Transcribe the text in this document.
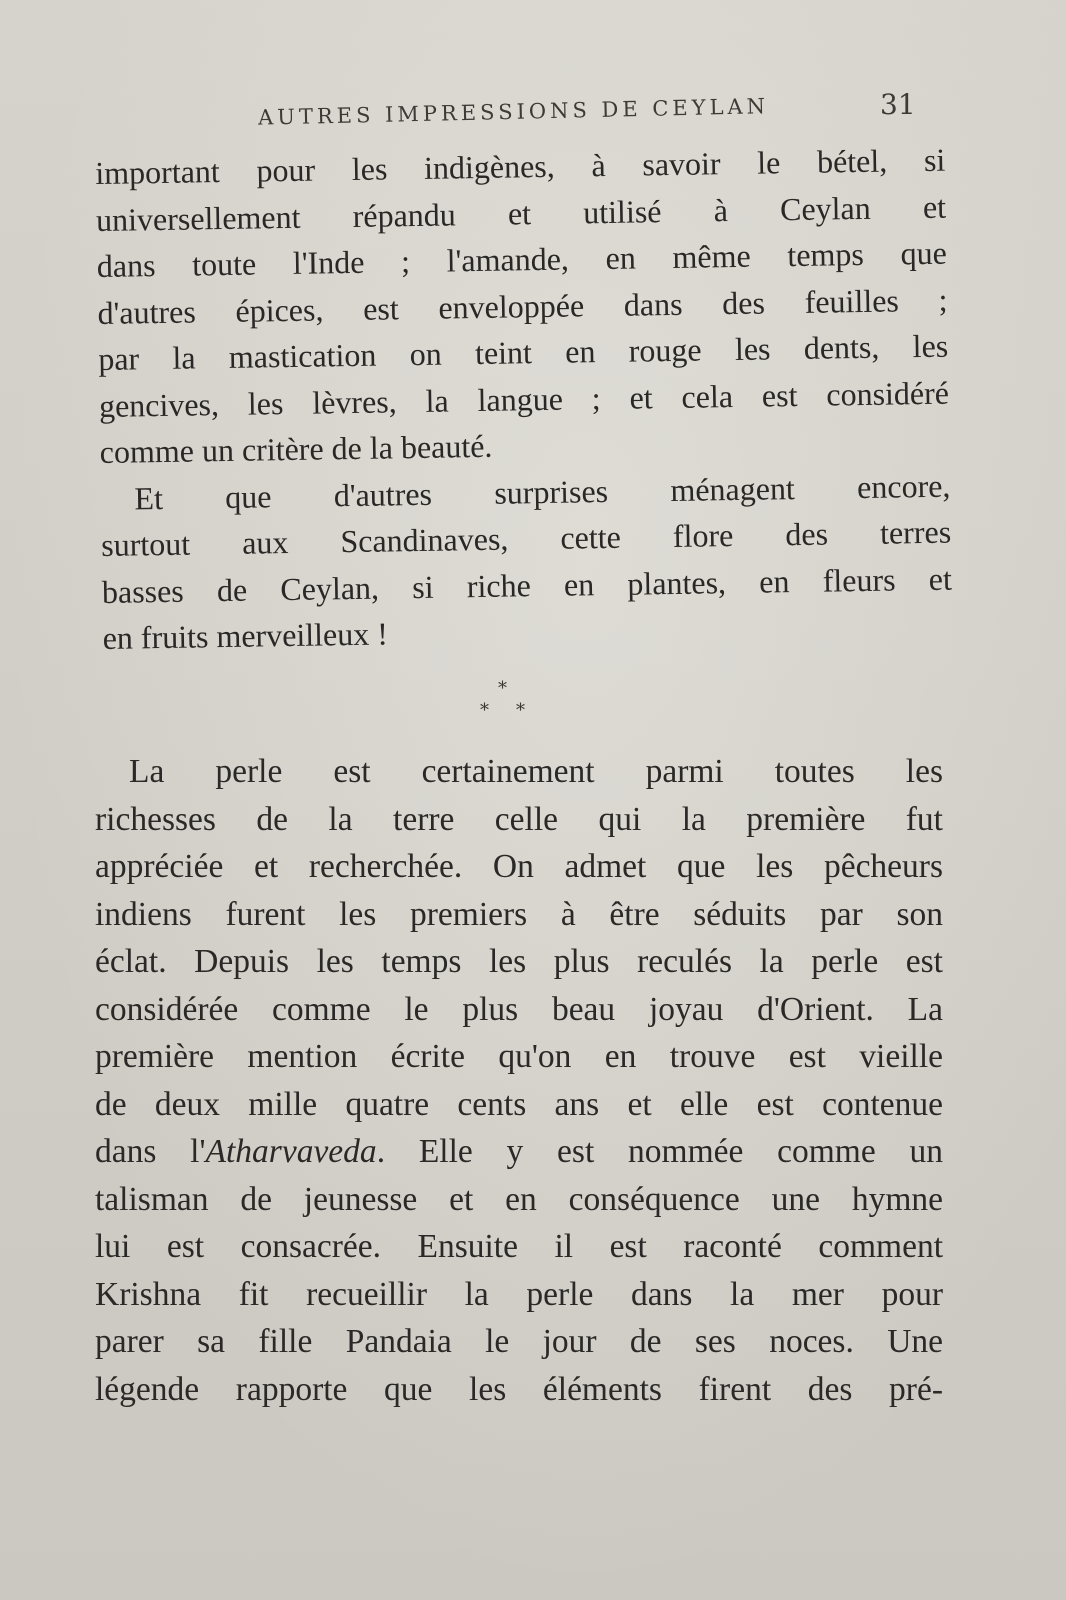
AUTRES IMPRESSIONS DE CEYLAN	31
important pour les indigènes, à savoir le bétel, si
universellement répandu et utilisé à Ceylan et
dans toute l'Inde ; l'amande, en même temps que
d'autres épices, est enveloppée dans des feuilles ;
par la mastication on teint en rouge les dents, les
gencives, les lèvres, la langue ; et cela est considéré
comme un critère de la beauté.
Et que d'autres surprises ménagent encore,
surtout aux Scandinaves, cette flore des terres
basses de Ceylan, si riche en plantes, en fleurs et
en fruits merveilleux !
*
* *
La perle est certainement parmi toutes les
richesses de la terre celle qui la première fut
appréciée et recherchée. On admet que les pêcheurs
indiens furent les premiers à être séduits par son
éclat. Depuis les temps les plus reculés la perle est
considérée comme le plus beau joyau d'Orient. La
première mention écrite qu'on en trouve est vieille
de deux mille quatre cents ans et elle est contenue
dans l'Atharvaveda. Elle y est nommée comme un
talisman de jeunesse et en conséquence une hymne
lui est consacrée. Ensuite il est raconté comment
Krishna fit recueillir la perle dans la mer pour
parer sa fille Pandaia le jour de ses noces. Une
légende rapporte que les éléments firent des pré-
